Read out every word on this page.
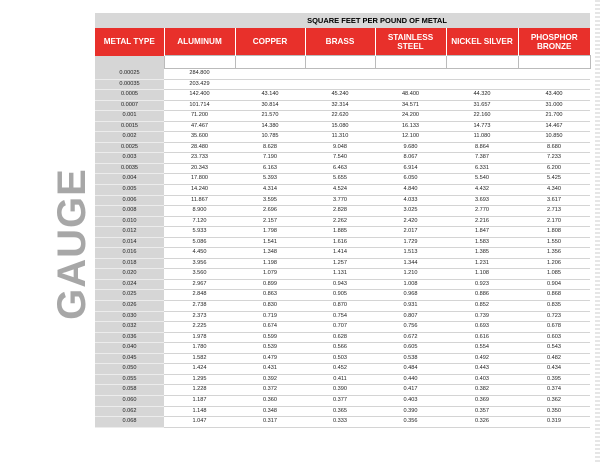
GAUGE
	SQUARE FEET PER POUND OF METAL					
METAL TYPE	ALUMINUM	COPPER	BRASS	STAINLESS STEEL	NICKEL SILVER	PHOSPHOR BRONZE

0.00025	284.800					
0.00035	203.429					
0.0005	142.400	43.140	45.240	48.400	44.320	43.400
0.0007	101.714	30.814	32.314	34.571	31.657	31.000
0.001	71.200	21.570	22.620	24.200	22.160	21.700
0.0015	47.467	14.380	15.080	16.133	14.773	14.467
0.002	35.600	10.785	11.310	12.100	11.080	10.850
0.0025	28.480	8.628	9.048	9.680	8.864	8.680
0.003	23.733	7.190	7.540	8.067	7.387	7.233
0.0035	20.343	6.163	6.463	6.914	6.331	6.200
0.004	17.800	5.393	5.655	6.050	5.540	5.425
0.005	14.240	4.314	4.524	4.840	4.432	4.340
0.006	11.867	3.595	3.770	4.033	3.693	3.617
0.008	8.900	2.696	2.828	3.025	2.770	2.713
0.010	7.120	2.157	2.262	2.420	2.216	2.170
0.012	5.933	1.798	1.885	2.017	1.847	1.808
0.014	5.086	1.541	1.616	1.729	1.583	1.550
0.016	4.450	1.348	1.414	1.513	1.385	1.356
0.018	3.956	1.198	1.257	1.344	1.231	1.206
0.020	3.560	1.079	1.131	1.210	1.108	1.085
0.024	2.967	0.899	0.943	1.008	0.923	0.904
0.025	2.848	0.863	0.905	0.968	0.886	0.868
0.026	2.738	0.830	0.870	0.931	0.852	0.835
0.030	2.373	0.719	0.754	0.807	0.739	0.723
0.032	2.225	0.674	0.707	0.756	0.693	0.678
0.036	1.978	0.599	0.628	0.672	0.616	0.603
0.040	1.780	0.539	0.566	0.605	0.554	0.543
0.045	1.582	0.479	0.503	0.538	0.492	0.482
0.050	1.424	0.431	0.452	0.484	0.443	0.434
0.055	1.295	0.392	0.411	0.440	0.403	0.395
0.058	1.228	0.372	0.390	0.417	0.382	0.374
0.060	1.187	0.360	0.377	0.403	0.369	0.362
0.062	1.148	0.348	0.365	0.390	0.357	0.350
0.068	1.047	0.317	0.333	0.356	0.326	0.319
